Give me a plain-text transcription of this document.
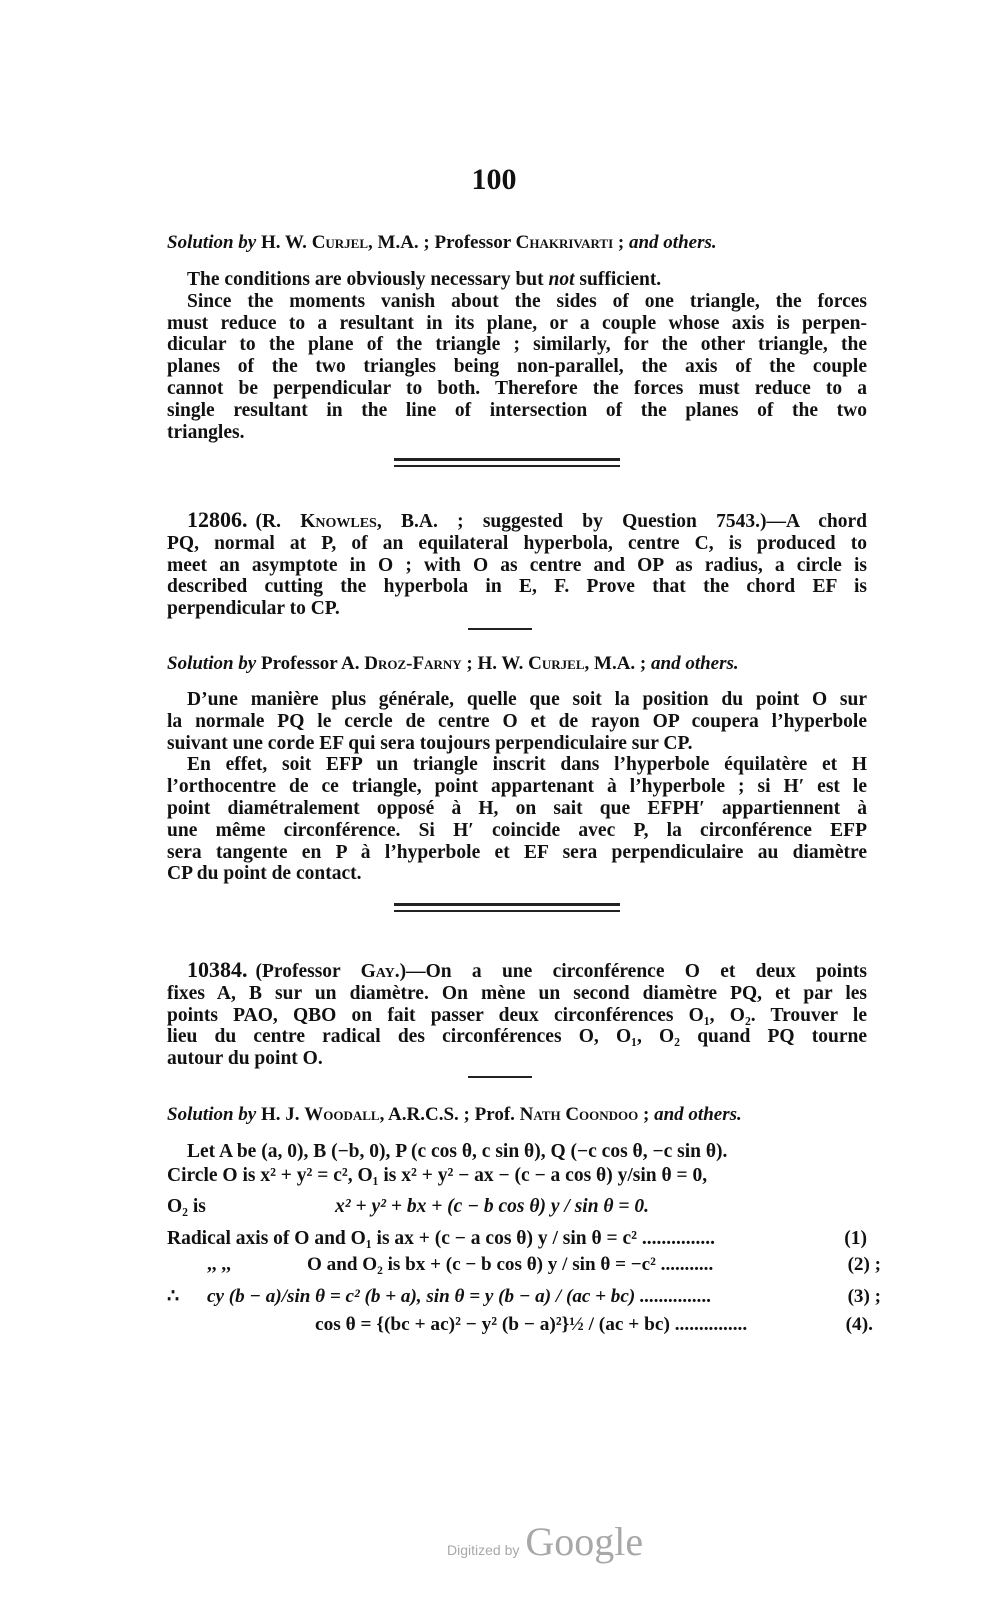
100
Solution by H. W. Curjel, M.A. ; Professor Chakrivarti ; and others.
The conditions are obviously necessary but not sufficient.
Since the moments vanish about the sides of one triangle, the forces
must reduce to a resultant in its plane, or a couple whose axis is perpen-
dicular to the plane of the triangle ; similarly, for the other triangle, the
planes of the two triangles being non-parallel, the axis of the couple
cannot be perpendicular to both. Therefore the forces must reduce to a
single resultant in the line of intersection of the planes of the two
triangles.
12806. (R. Knowles, B.A. ; suggested by Question 7543.)—A chord
PQ, normal at P, of an equilateral hyperbola, centre C, is produced to
meet an asymptote in O ; with O as centre and OP as radius, a circle is
described cutting the hyperbola in E, F. Prove that the chord EF is
perpendicular to CP.
Solution by Professor A. Droz-Farny ; H. W. Curjel, M.A. ; and others.
D’une manière plus générale, quelle que soit la position du point O sur
la normale PQ le cercle de centre O et de rayon OP coupera l’hyperbole
suivant une corde EF qui sera toujours perpendiculaire sur CP.
En effet, soit EFP un triangle inscrit dans l’hyperbole équilatère et H
l’orthocentre de ce triangle, point appartenant à l’hyperbole ; si H′ est le
point diamétralement opposé à H, on sait que EFPH′ appartiennent à
une même circonférence. Si H′ coincide avec P, la circonférence EFP
sera tangente en P à l’hyperbole et EF sera perpendiculaire au diamètre
CP du point de contact.
10384. (Professor Gay.)—On a une circonférence O et deux points
fixes A, B sur un diamètre. On mène un second diamètre PQ, et par les
points PAO, QBO on fait passer deux circonférences O₁, O₂. Trouver le
lieu du centre radical des circonférences O, O₁, O₂ quand PQ tourne
autour du point O.
Solution by H. J. Woodall, A.R.C.S. ; Prof. Nath Coondoo ; and others.
Let A be (a, 0), B (−b, 0), P (c cos θ, c sin θ), Q (−c cos θ, −c sin θ).
Circle O is x² + y² = c², O₁ is x² + y² − ax − (c − a cos θ) y/sin θ = 0,
O₂ is	x² + y² + bx + (c − b cos θ) y / sin θ = 0.
Radical axis of O and O₁ is ax + (c − a cos θ) y / sin θ = c² ...............	(1)
,, ,,	O and O₂ is bx + (c − b cos θ) y / sin θ = −c² ...........	(2) ;
∴ cy (b − a)/sin θ = c² (b + a), sin θ = y (b − a) / (ac + bc) ...............	(3) ;
cos θ = {(bc + ac)² − y² (b − a)²}½ / (ac + bc) ...............	(4).

Digitized by Google
